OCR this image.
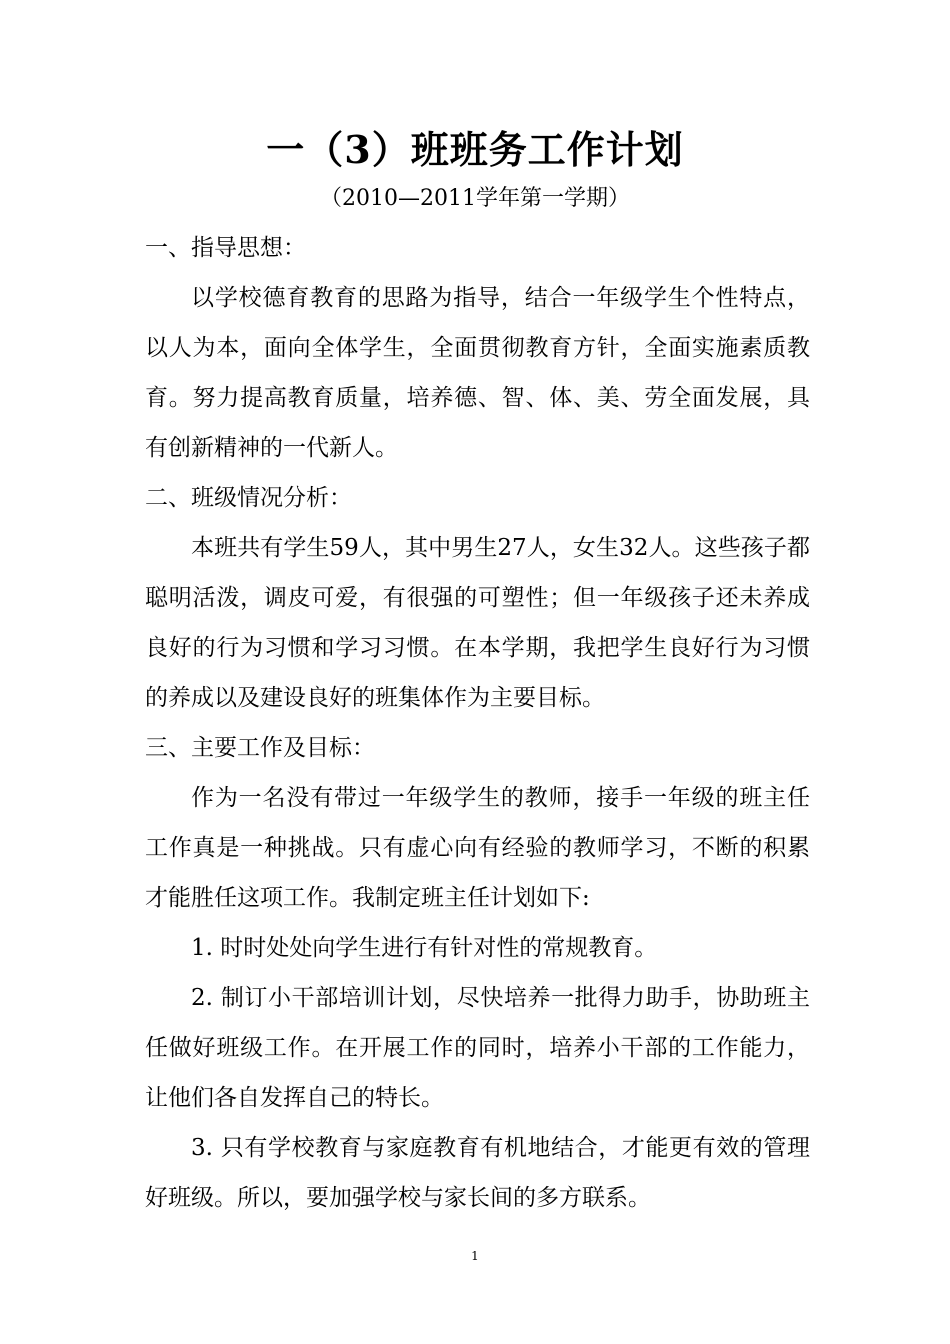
一（3）班班务工作计划
（2010—2011学年第一学期）

一、指导思想：

以学校德育教育的思路为指导，结合一年级学生个性特点，以人为本，面向全体学生，全面贯彻教育方针，全面实施素质教育。努力提高教育质量，培养德、智、体、美、劳全面发展，具有创新精神的一代新人。

二、班级情况分析：

本班共有学生59人，其中男生27人，女生32人。这些孩子都聪明活泼，调皮可爱，有很强的可塑性；但一年级孩子还未养成良好的行为习惯和学习习惯。在本学期，我把学生良好行为习惯的养成以及建设良好的班集体作为主要目标。

三、主要工作及目标：

作为一名没有带过一年级学生的教师，接手一年级的班主任工作真是一种挑战。只有虚心向有经验的教师学习，不断的积累才能胜任这项工作。我制定班主任计划如下:

1. 时时处处向学生进行有针对性的常规教育。

2. 制订小干部培训计划，尽快培养一批得力助手，协助班主任做好班级工作。在开展工作的同时，培养小干部的工作能力，让他们各自发挥自己的特长。

3. 只有学校教育与家庭教育有机地结合，才能更有效的管理好班级。所以，要加强学校与家长间的多方联系。

1
